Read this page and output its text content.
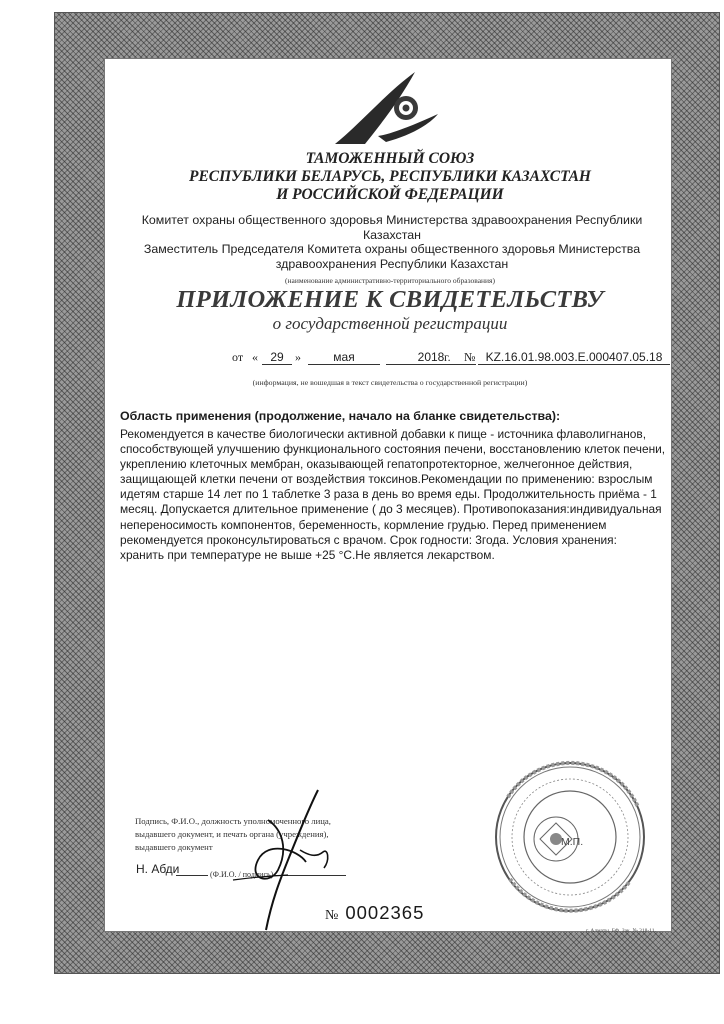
ТАМОЖЕННЫЙ СОЮЗ
РЕСПУБЛИКИ БЕЛАРУСЬ, РЕСПУБЛИКИ КАЗАХСТАН
И РОССИЙСКОЙ ФЕДЕРАЦИИ
Комитет охраны общественного здоровья Министерства здравоохранения Республики Казахстан
Заместитель Председателя Комитета охраны общественного здоровья Министерства
здравоохранения Республики Казахстан
(наименование административно-территориального образования)
ПРИЛОЖЕНИЕ К СВИДЕТЕЛЬСТВУ
о государственной регистрации
от «	29 »	мая	2018 г. № KZ.16.01.98.003.E.000407.05.18
(информация, не вошедшая в текст свидетельства о государственной регистрации)
Область применения (продолжение, начало на бланке свидетельства):
Рекомендуется в качестве биологически активной добавки к пище - источника флаволигнанов,
способствующей улучшению функционального состояния печени, восстановлению клеток печени,
укреплению клеточных мембран, оказывающей гепатопротекторное, желчегонное действия,
защищающей клетки печени от воздействия токсинов.Рекомендации по применению: взрослым
идетям старше 14 лет по 1 таблетке 3 раза в день во время еды. Продолжительность приёма - 1
месяц. Допускается длительное применение ( до 3 месяцев). Противопоказания:индивидуальная
непереносимость компонентов, беременность, кормление грудью. Перед применением
рекомендуется проконсультироваться с врачом. Срок годности: 3года. Условия хранения:
хранить при температуре не выше +25 °С.Не является лекарством.
Подпись, Ф.И.О., должность уполномоченного лица,
выдавшего документ, и печать органа (учреждения),
выдавшего документ
Н. Абди	(Ф.И.О. / подпись)
№ 0002365
М.П.
г. Алматы. БФ. Зак. № 318-11.
